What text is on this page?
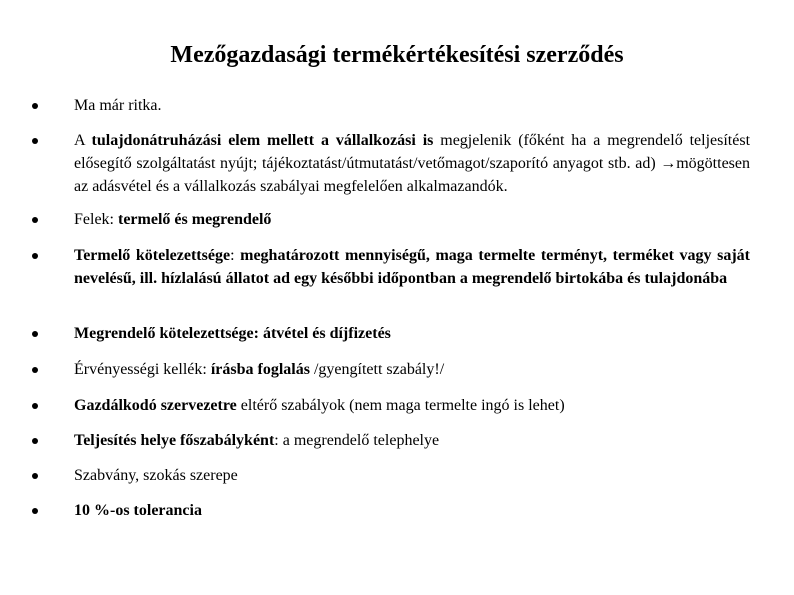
Mezőgazdasági termékértékesítési szerződés
Ma már ritka.
A tulajdonátruházási elem mellett a vállalkozási is megjelenik (főként ha a megrendelő teljesítést elősegítő szolgáltatást nyújt; tájékoztatást/útmutatást/vetőmagot/szaporító anyagot stb. ad) →mögöttesen az adásvétel és a vállalkozás szabályai megfelelően alkalmazandók.
Felek: termelő és megrendelő
Termelő kötelezettsége: meghatározott mennyiségű, maga termelte terményt, terméket vagy saját nevelésű, ill. hízlalású állatot ad egy későbbi időpontban a megrendelő birtokába és tulajdonába
Megrendelő kötelezettsége: átvétel és díjfizetés
Érvényességi kellék: írásba foglalás /gyengített szabály!/
Gazdálkodó szervezetre eltérő szabályok (nem maga termelte ingó is lehet)
Teljesítés helye főszabályként: a megrendelő telephelye
Szabvány, szokás szerepe
10 %-os tolerancia
